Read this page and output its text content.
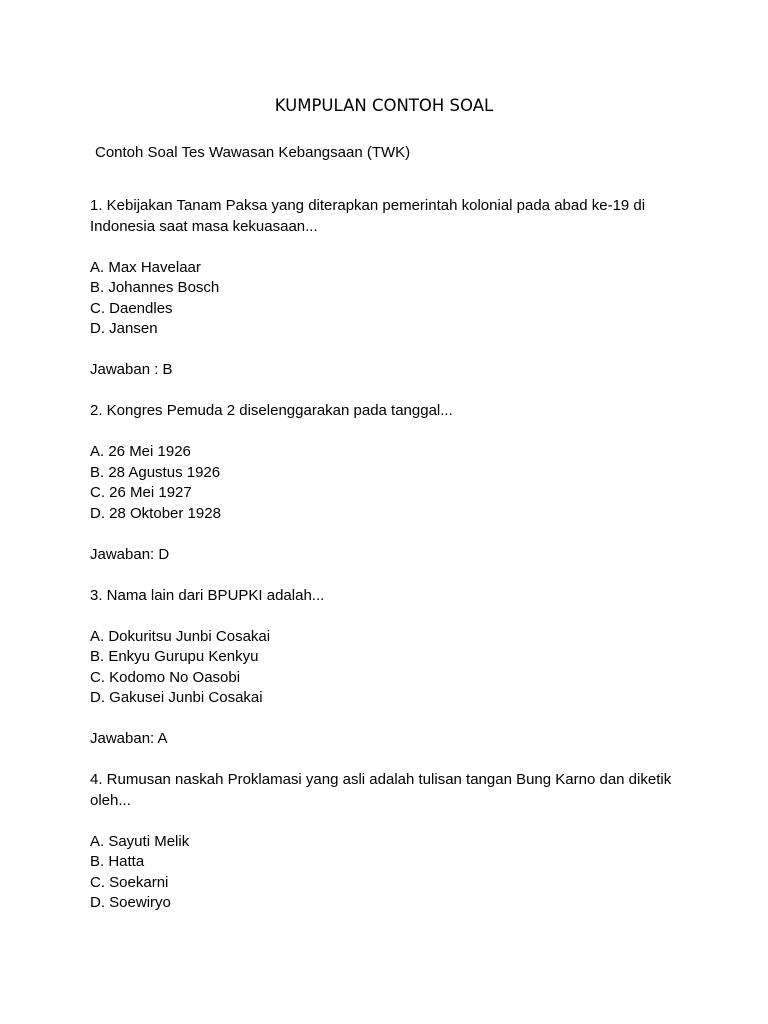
KUMPULAN CONTOH SOAL
Contoh Soal Tes Wawasan Kebangsaan (TWK)

1. Kebijakan Tanam Paksa yang diterapkan pemerintah kolonial pada abad ke-19 di Indonesia saat masa kekuasaan...

A. Max Havelaar
B. Johannes Bosch
C. Daendles
D. Jansen

Jawaban : B

2. Kongres Pemuda 2 diselenggarakan pada tanggal...

A. 26 Mei 1926
B. 28 Agustus 1926
C. 26 Mei 1927
D. 28 Oktober 1928

Jawaban: D

3. Nama lain dari BPUPKI adalah...

A. Dokuritsu Junbi Cosakai
B. Enkyu Gurupu Kenkyu
C. Kodomo No Oasobi
D. Gakusei Junbi Cosakai

Jawaban: A

4. Rumusan naskah Proklamasi yang asli adalah tulisan tangan Bung Karno dan diketik oleh...

A. Sayuti Melik
B. Hatta
C. Soekarni
D. Soewiryo
